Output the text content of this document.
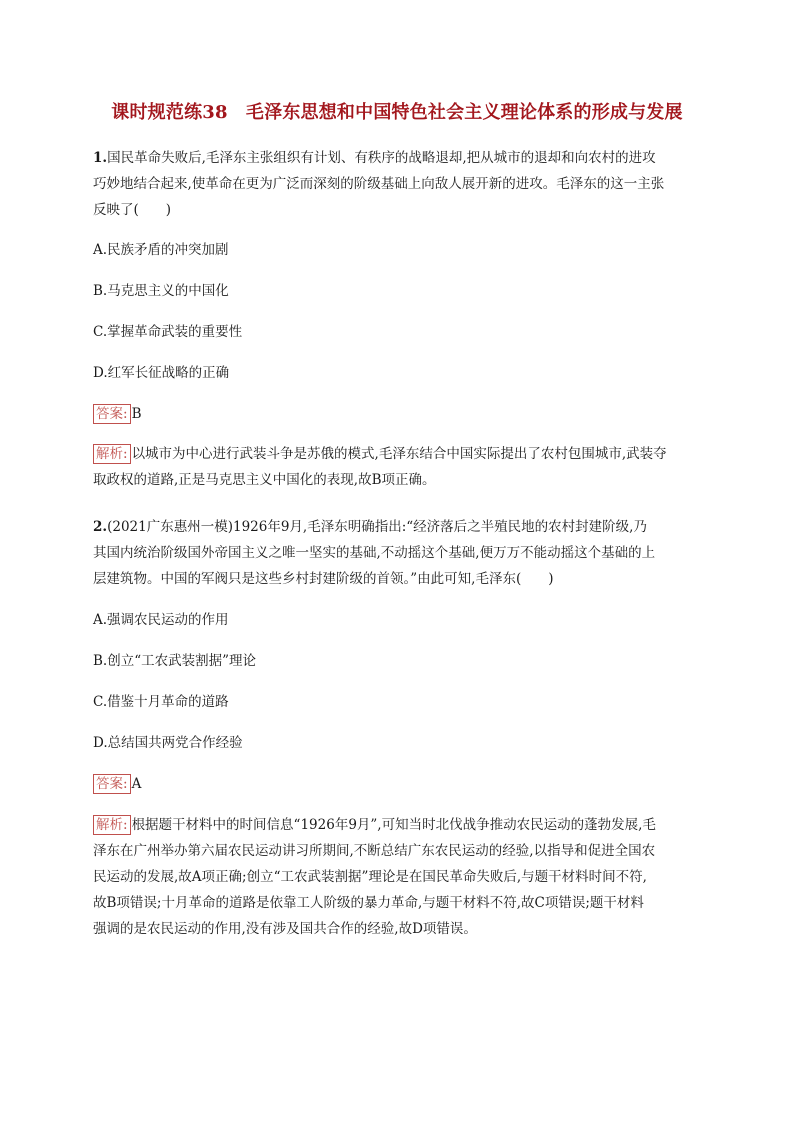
课时规范练38　毛泽东思想和中国特色社会主义理论体系的形成与发展
1.国民革命失败后,毛泽东主张组织有计划、有秩序的战略退却,把从城市的退却和向农村的进攻
巧妙地结合起来,使革命在更为广泛而深刻的阶级基础上向敌人展开新的进攻。毛泽东的这一主张
反映了(　　)
A.民族矛盾的冲突加剧
B.马克思主义的中国化
C.掌握革命武装的重要性
D.红军长征战略的正确
答案: B
解析: 以城市为中心进行武装斗争是苏俄的模式,毛泽东结合中国实际提出了农村包围城市,武装夺
取政权的道路,正是马克思主义中国化的表现,故B项正确。
2.(2021广东惠州一模)1926年9月,毛泽东明确指出:“经济落后之半殖民地的农村封建阶级,乃
其国内统治阶级国外帝国主义之唯一坚实的基础,不动摇这个基础,便万万不能动摇这个基础的上
层建筑物。中国的军阀只是这些乡村封建阶级的首领。”由此可知,毛泽东(　　)
A.强调农民运动的作用
B.创立“工农武装割据”理论
C.借鉴十月革命的道路
D.总结国共两党合作经验
答案: A
解析: 根据题干材料中的时间信息“1926年9月”,可知当时北伐战争推动农民运动的蓬勃发展,毛
泽东在广州举办第六届农民运动讲习所期间,不断总结广东农民运动的经验,以指导和促进全国农
民运动的发展,故A项正确;创立“工农武装割据”理论是在国民革命失败后,与题干材料时间不符,
故B项错误;十月革命的道路是依靠工人阶级的暴力革命,与题干材料不符,故C项错误;题干材料
强调的是农民运动的作用,没有涉及国共合作的经验,故D项错误。
